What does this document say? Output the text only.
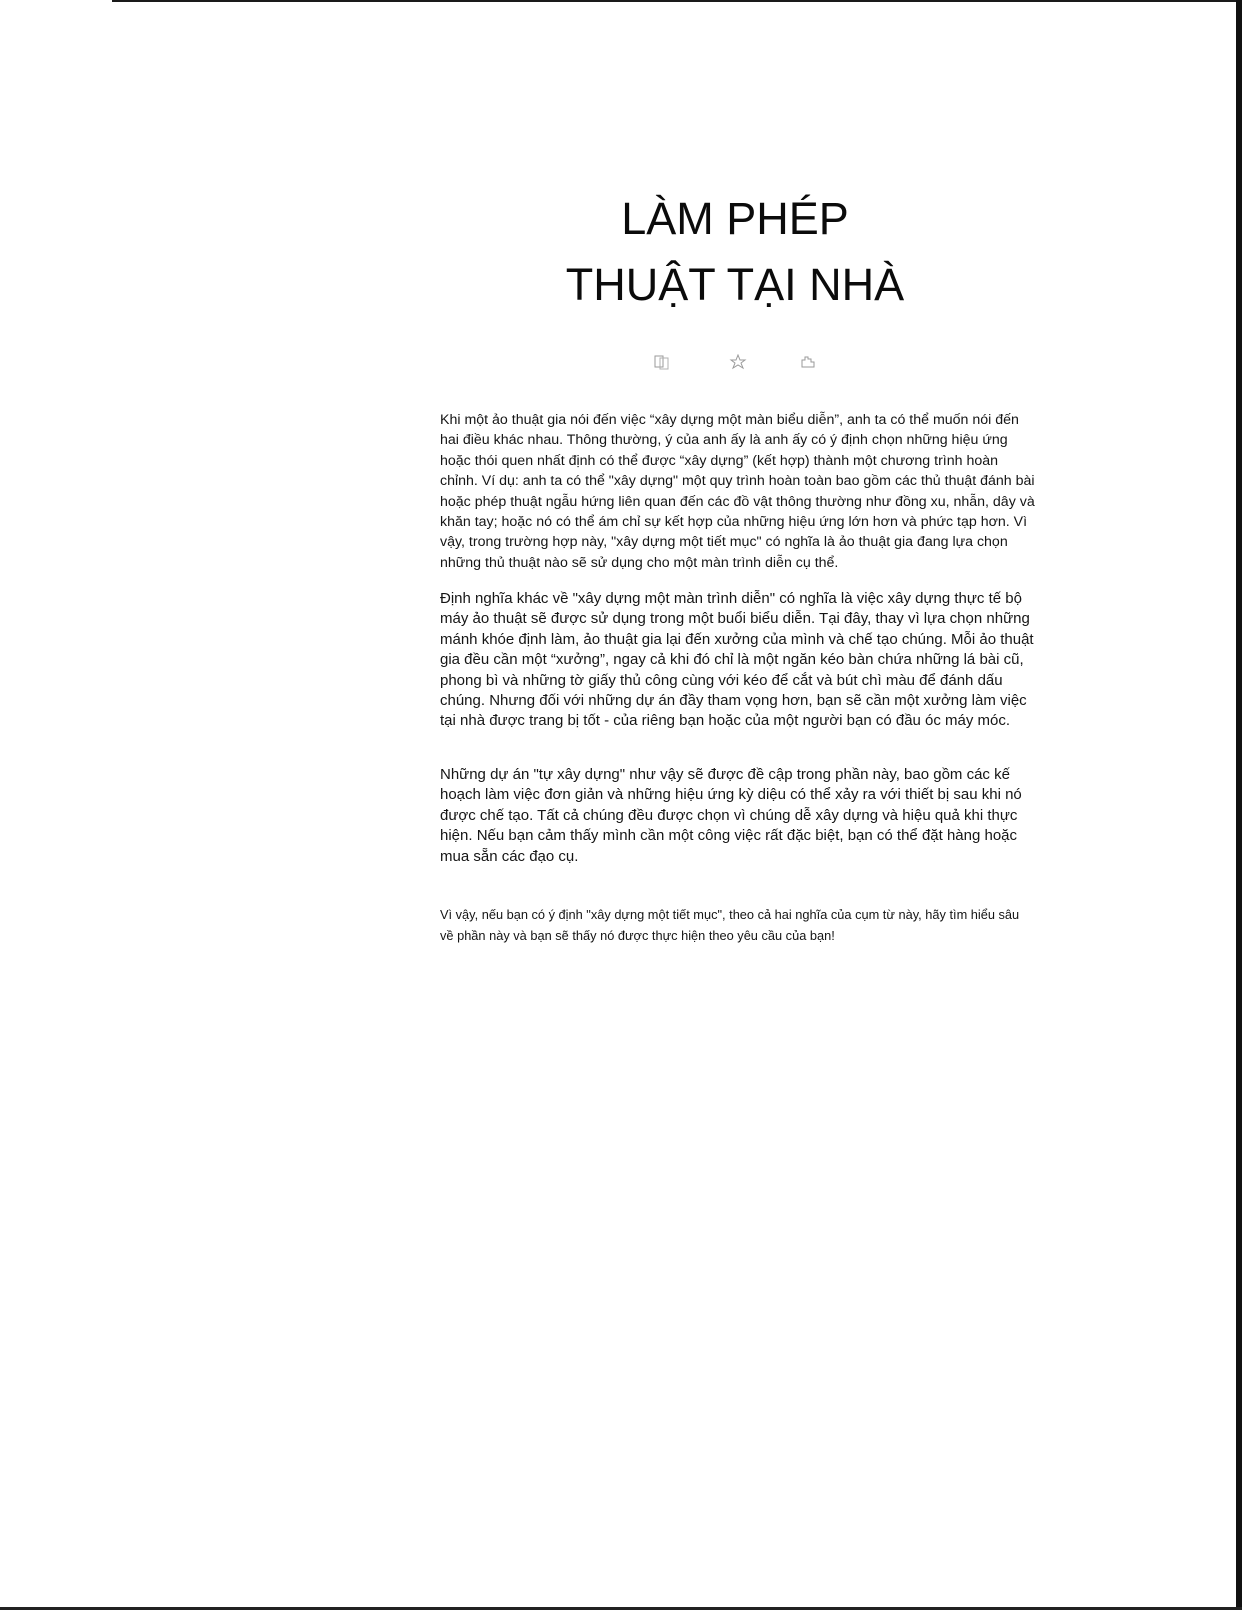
LÀM PHÉP
THUẬT TẠI NHÀ

Khi một ảo thuật gia nói đến việc “xây dựng một màn biểu diễn”, anh ta có thể muốn nói đến hai điều khác nhau. Thông thường, ý của anh ấy là anh ấy có ý định chọn những hiệu ứng hoặc thói quen nhất định có thể được “xây dựng” (kết hợp) thành một chương trình hoàn chỉnh. Ví dụ: anh ta có thể "xây dựng" một quy trình hoàn toàn bao gồm các thủ thuật đánh bài hoặc phép thuật ngẫu hứng liên quan đến các đồ vật thông thường như đồng xu, nhẫn, dây và khăn tay; hoặc nó có thể ám chỉ sự kết hợp của những hiệu ứng lớn hơn và phức tạp hơn. Vì vậy, trong trường hợp này, "xây dựng một tiết mục" có nghĩa là ảo thuật gia đang lựa chọn những thủ thuật nào sẽ sử dụng cho một màn trình diễn cụ thể.

Định nghĩa khác về "xây dựng một màn trình diễn" có nghĩa là việc xây dựng thực tế bộ máy ảo thuật sẽ được sử dụng trong một buổi biểu diễn. Tại đây, thay vì lựa chọn những mánh khóe định làm, ảo thuật gia lại đến xưởng của mình và chế tạo chúng. Mỗi ảo thuật gia đều cần một “xưởng”, ngay cả khi đó chỉ là một ngăn kéo bàn chứa những lá bài cũ, phong bì và những tờ giấy thủ công cùng với kéo để cắt và bút chì màu để đánh dấu chúng. Nhưng đối với những dự án đầy tham vọng hơn, bạn sẽ cần một xưởng làm việc tại nhà được trang bị tốt - của riêng bạn hoặc của một người bạn có đầu óc máy móc.

Những dự án "tự xây dựng" như vậy sẽ được đề cập trong phần này, bao gồm các kế hoạch làm việc đơn giản và những hiệu ứng kỳ diệu có thể xảy ra với thiết bị sau khi nó được chế tạo. Tất cả chúng đều được chọn vì chúng dễ xây dựng và hiệu quả khi thực hiện. Nếu bạn cảm thấy mình cần một công việc rất đặc biệt, bạn có thể đặt hàng hoặc mua sẵn các đạo cụ.

Vì vậy, nếu bạn có ý định "xây dựng một tiết mục", theo cả hai nghĩa của cụm từ này, hãy tìm hiểu sâu về phần này và bạn sẽ thấy nó được thực hiện theo yêu cầu của bạn!
